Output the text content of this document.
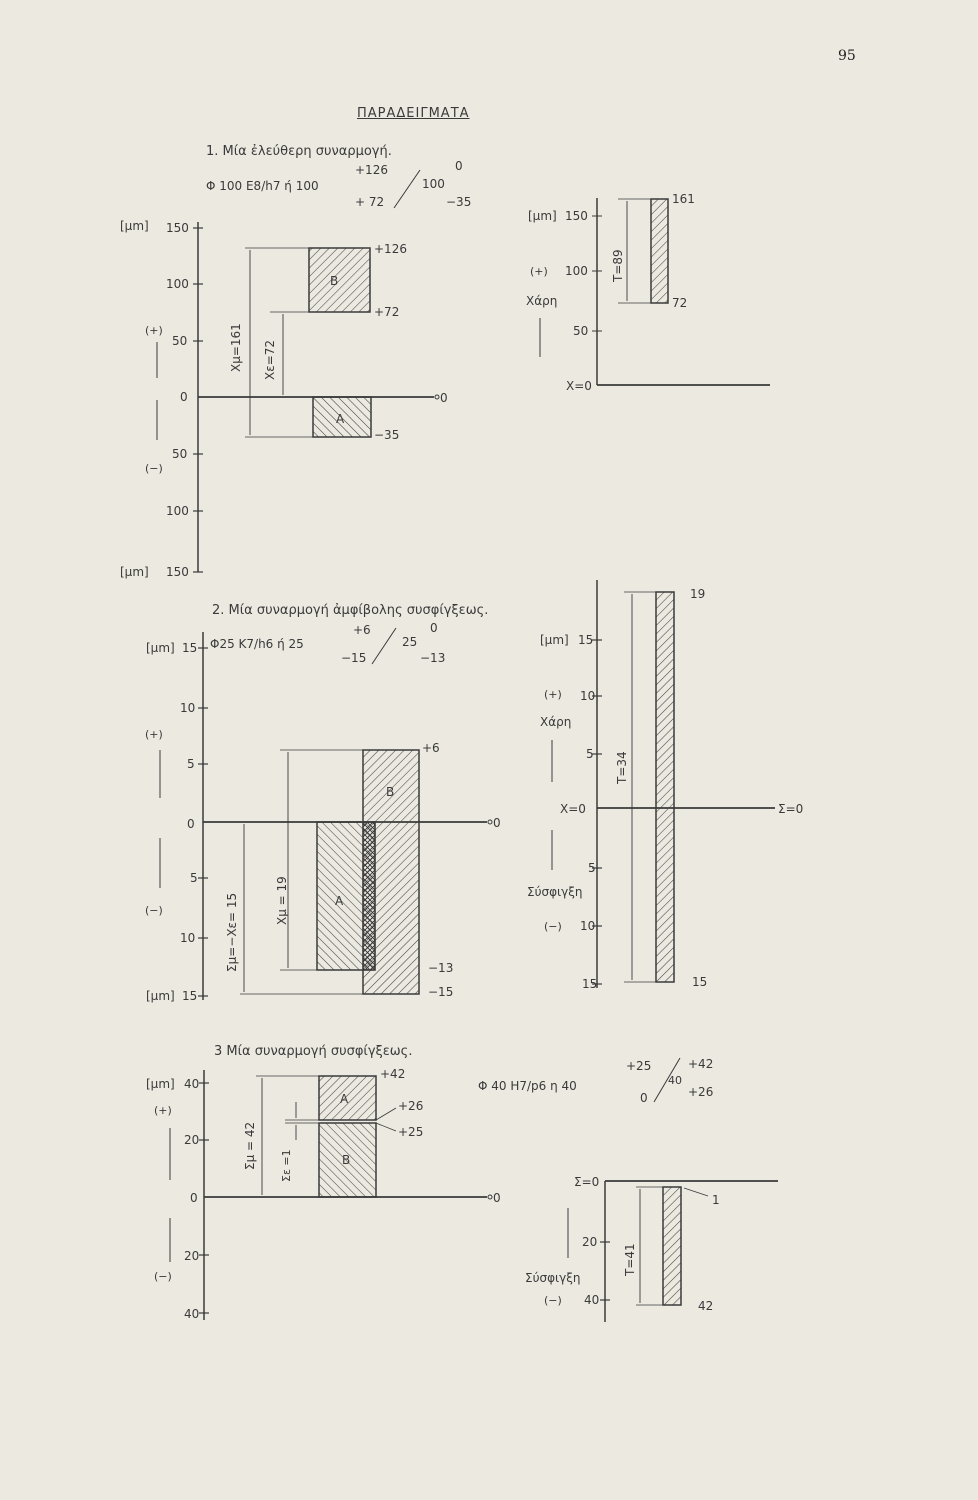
95
ΠΑΡΑΔΕΙΓΜΑΤΑ
1. Μία ἐλεύθερη συναρμογή.
Φ 100 E8/h7 ή 100
+126
+ 72
100
0
−35
[μm] 150
100
50
0
50
100
150
[μm]
(+)
(−)
0
B
A
Xμ=161 Xε=72
+126
+72
−35
[μm] 150
100
50
(+)
Χάρη
X=0
T=89
161
72
2. Μία συναρμογή ἀμφίβολης συσφίγξεως.
Φ25 K7/h6 ή 25
+6
−15
25
0
−13
[μm] 15
10
5
0
5
10
15
[μm]
(+)
(−)
0
B
A
Xμ = 19
Σμ=−Xε= 15
+6
−13
−15
[μm] 15
10
5
5
10
15
(+)
Χάρη
X=0	Σ=0
Σύσφιγξη
(−)
T=34
19
15
3 Μία συναρμογή συσφίγξεως.
Φ 40 H7/p6 η 40
+25
0
40
+42
+26
[μm] 40
20
0
20
40
(+)
(−)
0
A
B
Σμ = 42 Σε =1
+42
+26
+25
Σ=0
20
40
Σύσφιγξη
(−)
T=41
1
42
